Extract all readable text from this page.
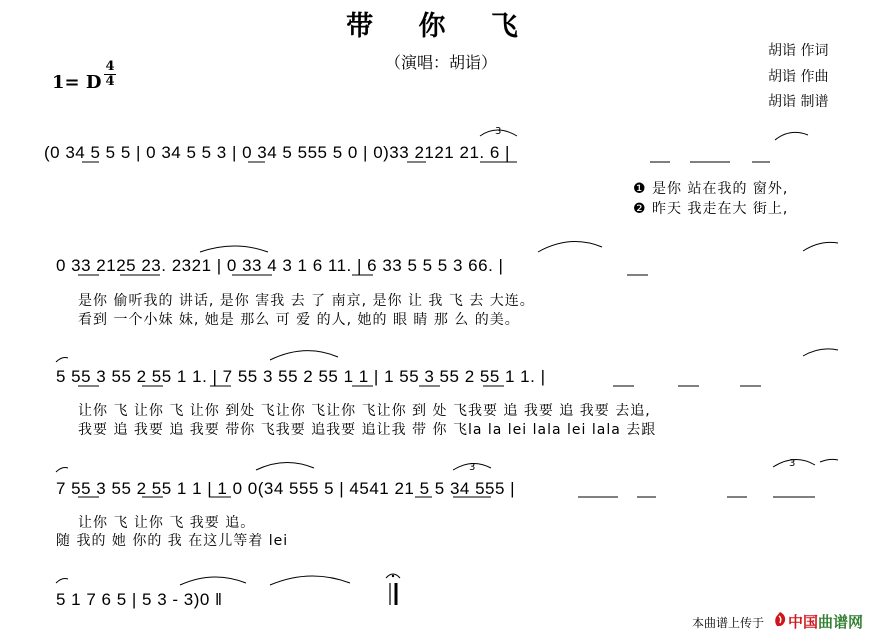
带 你 飞
（演唱：胡诣）
胡诣 作词
胡诣 作曲
胡诣 制谱
1= D
4
4
(0 34 5 5 5 | 0 34 5 5 3 | 0 34 5 555 5 0 | 0)33 2121 21. 6 |
3
❶ 是你 站在我的 窗外,
❷ 昨天 我走在大 街上,
0 33 2125 23. 2321 | 0 33 4 3 1 6 11. | 6 33 5 5 5 3 66. |
是你 偷听我的 讲话, 是你 害我 去 了 南京, 是你 让 我 飞 去 大连。
看到 一个小妹 妹, 她是 那么 可 爱 的人, 她的 眼 睛 那 么 的美。
5 55 3 55 2 55 1 1. | 7 55 3 55 2 55 1 1 | 1 55 3 55 2 55 1 1. |
让你 飞 让你 飞 让你 到处 飞让你 飞让你 飞让你 到 处 飞我要 追 我要 追 我要 去追,
我要 追 我要 追 我要 带你 飞我要 追我要 追让我 带 你 飞la la lei lala lei lala 去跟
7 55 3 55 2 55 1 1 | 1 0 0(34 555 5 | 4541 21 5 5 34 555 |
3	3
让你 飞 让你 飞 我要 追。
随 我的 她 你的 我 在这儿等着 lei
5 1 7 6 5 | 5 3 - 3)0 ‖
本曲谱上传于 中国曲谱网
